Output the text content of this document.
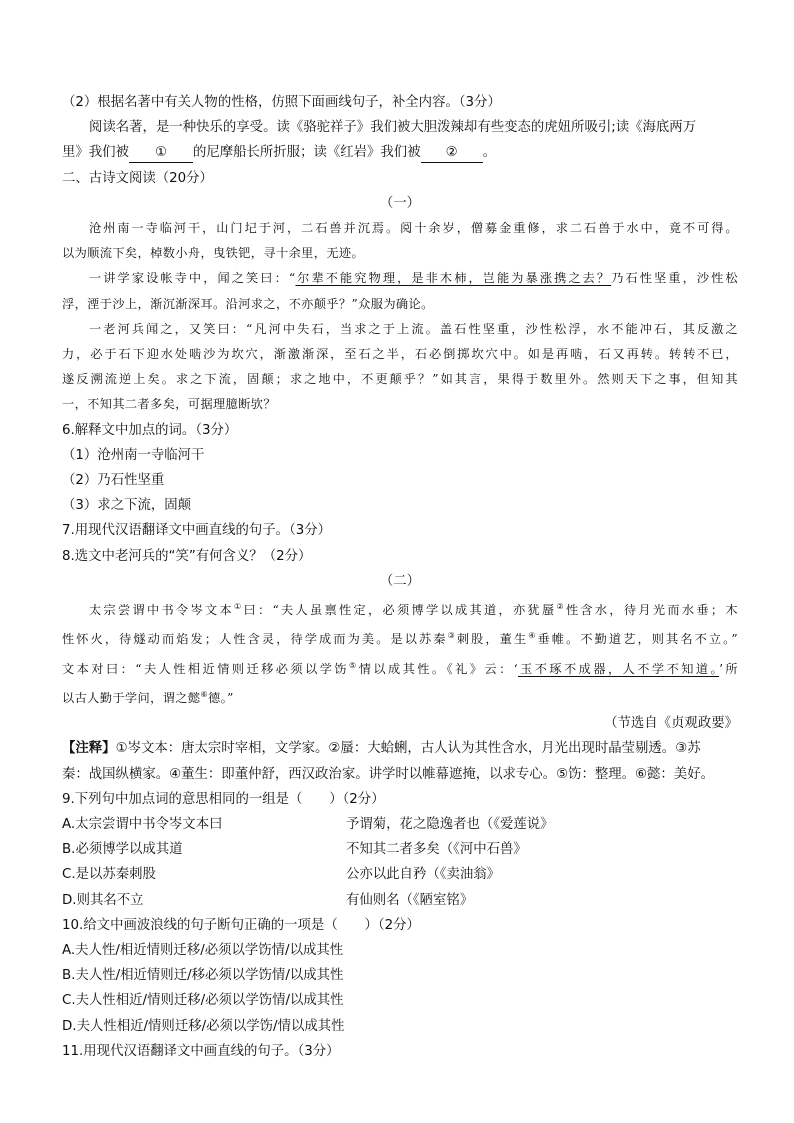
（2）根据名著中有关人物的性格，仿照下面画线句子，补全内容。（3分）
阅读名著，是一种快乐的享受。读《骆驼祥子》我们被大胆泼辣却有些变态的虎妞所吸引;读《海底两万
里》我们被 ① 的尼摩船长所折服；读《红岩》我们被 ② 。
二、古诗文阅读（20分）
（一）
沧州南一寺临河干，山门圮于河，二石兽并沉焉。阅十余岁，僧募金重修，求二石兽于水中，竟不可得。
以为顺流下矣，棹数小舟，曳铁钯，寻十余里，无迹。
一讲学家设帐寺中，闻之笑曰：“尔辈不能究物理，是非木柿，岂能为暴涨携之去？乃石性坚重，沙性松
浮，湮于沙上，渐沉渐深耳。沿河求之，不亦颠乎？”众服为确论。
一老河兵闻之，又笑曰：“凡河中失石，当求之于上流。盖石性坚重，沙性松浮，水不能冲石，其反激之
力，必于石下迎水处啮沙为坎穴，渐激渐深，至石之半，石必倒掷坎穴中。如是再啮，石又再转。转转不已，
遂反溯流逆上矣。求之下流，固颠；求之地中，不更颠乎？”如其言，果得于数里外。然则天下之事，但知其
一，不知其二者多矣，可据理臆断欤？
6.解释文中加点的词。（3分）
（1）沧州南一寺临河干
（2）乃石性坚重
（3）求之下流，固颠
7.用现代汉语翻译文中画直线的句子。（3分）
8.选文中老河兵的“笑”有何含义？（2分）
（二）
太宗尝谓中书令岑文本①曰：“夫人虽禀性定，必须博学以成其道，亦犹蜃②性含水，待月光而水垂；木
性怀火，待燧动而焰发；人性含灵，待学成而为美。是以苏秦③刺股，董生④垂帷。不勤道艺，则其名不立。”
文本对曰：“夫人性相近情则迁移必须以学饬⑤情以成其性。《礼》云：‘玉不琢不成器，人不学不知道。’所
以古人勤于学问，谓之懿⑥德。”
（节选自《贞观政要》
【注释】①岑文本：唐太宗时宰相，文学家。②蜃：大蛤蜊，古人认为其性含水，月光出现时晶莹剔透。③苏
秦：战国纵横家。④董生：即董仲舒，西汉政治家。讲学时以帷幕遮掩，以求专心。⑤饬：整理。⑥懿：美好。
9.下列句中加点词的意思相同的一组是（　　）（2分）
A.太宗尝谓中书令岑文本曰	予谓菊，花之隐逸者也（《爱莲说》
B.必须博学以成其道	不知其二者多矣（《河中石兽》
C.是以苏秦刺股	公亦以此自矜（《卖油翁》
D.则其名不立	有仙则名（《陋室铭》
10.给文中画波浪线的句子断句正确的一项是（　　）（2分）
A.夫人性/相近情则迁移/必须以学饬情/以成其性
B.夫人性/相近情则迁/移必须以学饬情/以成其性
C.夫人性相近/情则迁移/必须以学饬情/以成其性
D.夫人性相近/情则迁移/必须以学饬/情以成其性
11.用现代汉语翻译文中画直线的句子。（3分）
